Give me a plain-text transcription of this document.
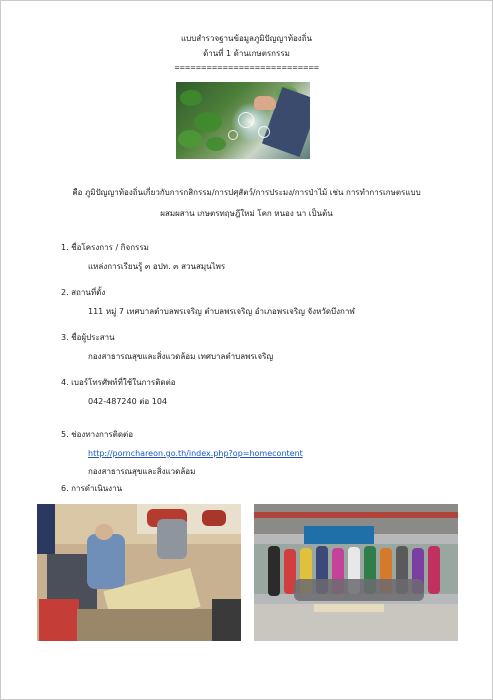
แบบสำรวจฐานข้อมูลภูมิปัญญาท้องถิ่น
ด้านที่ 1 ด้านเกษตรกรรม
===========================
คือ ภูมิปัญญาท้องถิ่นเกี่ยวกับการกสิกรรม/การปศุสัตว์/การประมง/การป่าไม้ เช่น การทำการเกษตรแบบ
ผสมผสาน เกษตรทฤษฎีใหม่ โคก หนอง นา เป็นต้น
1. ชื่อโครงการ / กิจกรรม
แหล่งการเรียนรู้ ๓ อปท. ๓ สวนสมุนไพร
2. สถานที่ตั้ง
111 หมู่ 7 เทศบาลตำบลพรเจริญ ตำบลพรเจริญ อำเภอพรเจริญ จังหวัดบึงกาฬ
3. ชื่อผู้ประสาน
กองสาธารณสุขและสิ่งแวดล้อม เทศบาลตำบลพรเจริญ
4. เบอร์โทรศัพท์ที่ใช้ในการติดต่อ
042-487240 ต่อ 104
5. ช่องทางการติดต่อ
http://pornchareon.go.th/index.php?op=homecontent
กองสาธารณสุขและสิ่งแวดล้อม
6. การดำเนินงาน
